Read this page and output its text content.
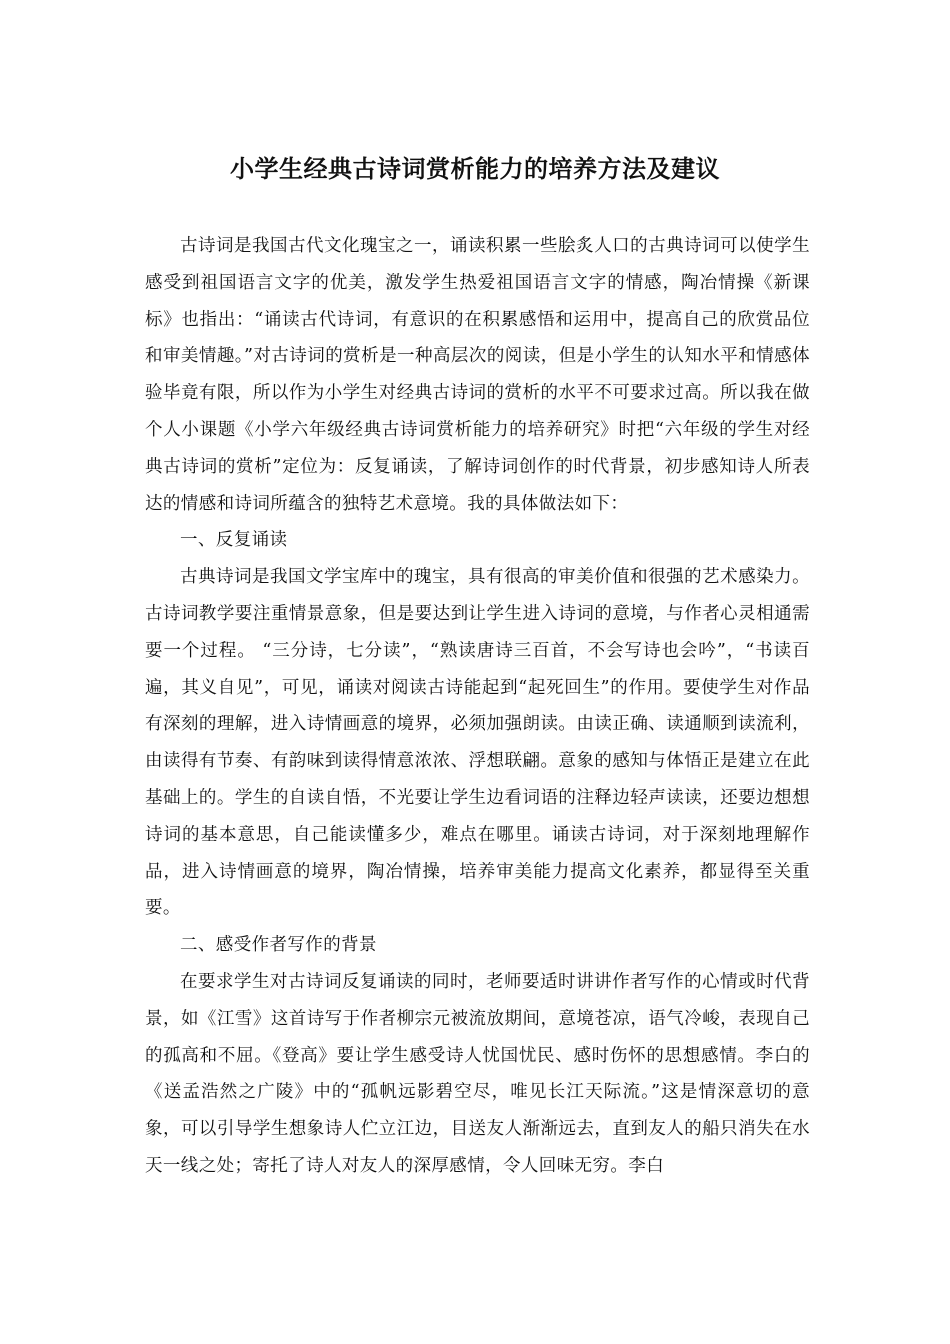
小学生经典古诗词赏析能力的培养方法及建议

古诗词是我国古代文化瑰宝之一，诵读积累一些脍炙人口的古典诗词可以使学生感受到祖国语言文字的优美，激发学生热爱祖国语言文字的情感，陶冶情操《新课标》也指出：“诵读古代诗词，有意识的在积累感悟和运用中，提高自己的欣赏品位和审美情趣。”对古诗词的赏析是一种高层次的阅读，但是小学生的认知水平和情感体验毕竟有限，所以作为小学生对经典古诗词的赏析的水平不可要求过高。所以我在做个人小课题《小学六年级经典古诗词赏析能力的培养研究》时把“六年级的学生对经典古诗词的赏析”定位为：反复诵读，了解诗词创作的时代背景，初步感知诗人所表达的情感和诗词所蕴含的独特艺术意境。我的具体做法如下：

一、反复诵读

古典诗词是我国文学宝库中的瑰宝，具有很高的审美价值和很强的艺术感染力。古诗词教学要注重情景意象，但是要达到让学生进入诗词的意境，与作者心灵相通需要一个过程。 “三分诗，七分读”，“熟读唐诗三百首，不会写诗也会吟”，“书读百遍，其义自见”，可见，诵读对阅读古诗能起到“起死回生”的作用。要使学生对作品有深刻的理解，进入诗情画意的境界，必须加强朗读。由读正确、读通顺到读流利，由读得有节奏、有韵味到读得情意浓浓、浮想联翩。意象的感知与体悟正是建立在此基础上的。学生的自读自悟，不光要让学生边看词语的注释边轻声读读，还要边想想诗词的基本意思，自己能读懂多少，难点在哪里。诵读古诗词，对于深刻地理解作品，进入诗情画意的境界，陶冶情操，培养审美能力提高文化素养，都显得至关重要。

二、感受作者写作的背景

在要求学生对古诗词反复诵读的同时，老师要适时讲讲作者写作的心情或时代背景，如《江雪》这首诗写于作者柳宗元被流放期间，意境苍凉，语气冷峻，表现自己的孤高和不屈。《登高》要让学生感受诗人忧国忧民、感时伤怀的思想感情。李白的《送孟浩然之广陵》中的“孤帆远影碧空尽，唯见长江天际流。”这是情深意切的意象，可以引导学生想象诗人伫立江边，目送友人渐渐远去，直到友人的船只消失在水天一线之处；寄托了诗人对友人的深厚感情，令人回味无穷。李白
